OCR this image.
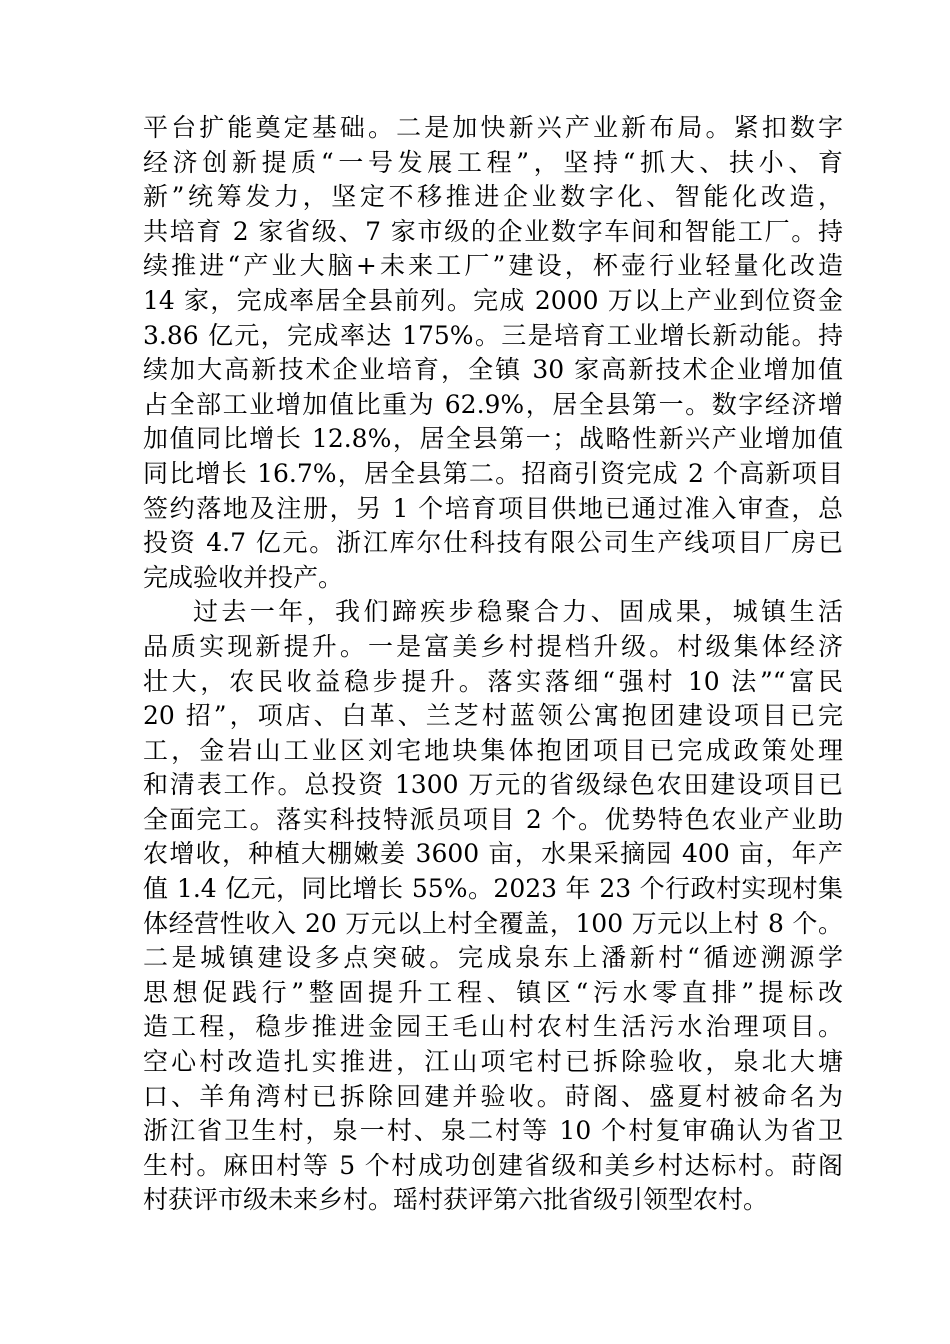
平台扩能奠定基础。二是加快新兴产业新布局。紧扣数字
经济创新提质“一号发展工程”，坚持“抓大、扶小、育
新”统筹发力，坚定不移推进企业数字化、智能化改造，
共培育 2 家省级、7 家市级的企业数字车间和智能工厂。持
续推进“产业大脑+未来工厂”建设，杯壶行业轻量化改造
14 家，完成率居全县前列。完成 2000 万以上产业到位资金
3.86 亿元，完成率达 175%。三是培育工业增长新动能。持
续加大高新技术企业培育，全镇 30 家高新技术企业增加值
占全部工业增加值比重为 62.9%，居全县第一。数字经济增
加值同比增长 12.8%，居全县第一；战略性新兴产业增加值
同比增长 16.7%，居全县第二。招商引资完成 2 个高新项目
签约落地及注册，另 1 个培育项目供地已通过准入审查，总
投资 4.7 亿元。浙江库尔仕科技有限公司生产线项目厂房已
完成验收并投产。
过去一年，我们蹄疾步稳聚合力、固成果，城镇生活
品质实现新提升。一是富美乡村提档升级。村级集体经济
壮大，农民收益稳步提升。落实落细“强村 10 法”“富民
20 招”，项店、白革、兰芝村蓝领公寓抱团建设项目已完
工，金岩山工业区刘宅地块集体抱团项目已完成政策处理
和清表工作。总投资 1300 万元的省级绿色农田建设项目已
全面完工。落实科技特派员项目 2 个。优势特色农业产业助
农增收，种植大棚嫩姜 3600 亩，水果采摘园 400 亩，年产
值 1.4 亿元，同比增长 55%。2023 年 23 个行政村实现村集
体经营性收入 20 万元以上村全覆盖，100 万元以上村 8 个。
二是城镇建设多点突破。完成泉东上潘新村“循迹溯源学
思想促践行”整固提升工程、镇区“污水零直排”提标改
造工程，稳步推进金园王毛山村农村生活污水治理项目。
空心村改造扎实推进，江山项宅村已拆除验收，泉北大塘
口、羊角湾村已拆除回建并验收。莳阁、盛夏村被命名为
浙江省卫生村，泉一村、泉二村等 10 个村复审确认为省卫
生村。麻田村等 5 个村成功创建省级和美乡村达标村。莳阁
村获评市级未来乡村。瑶村获评第六批省级引领型农村。
